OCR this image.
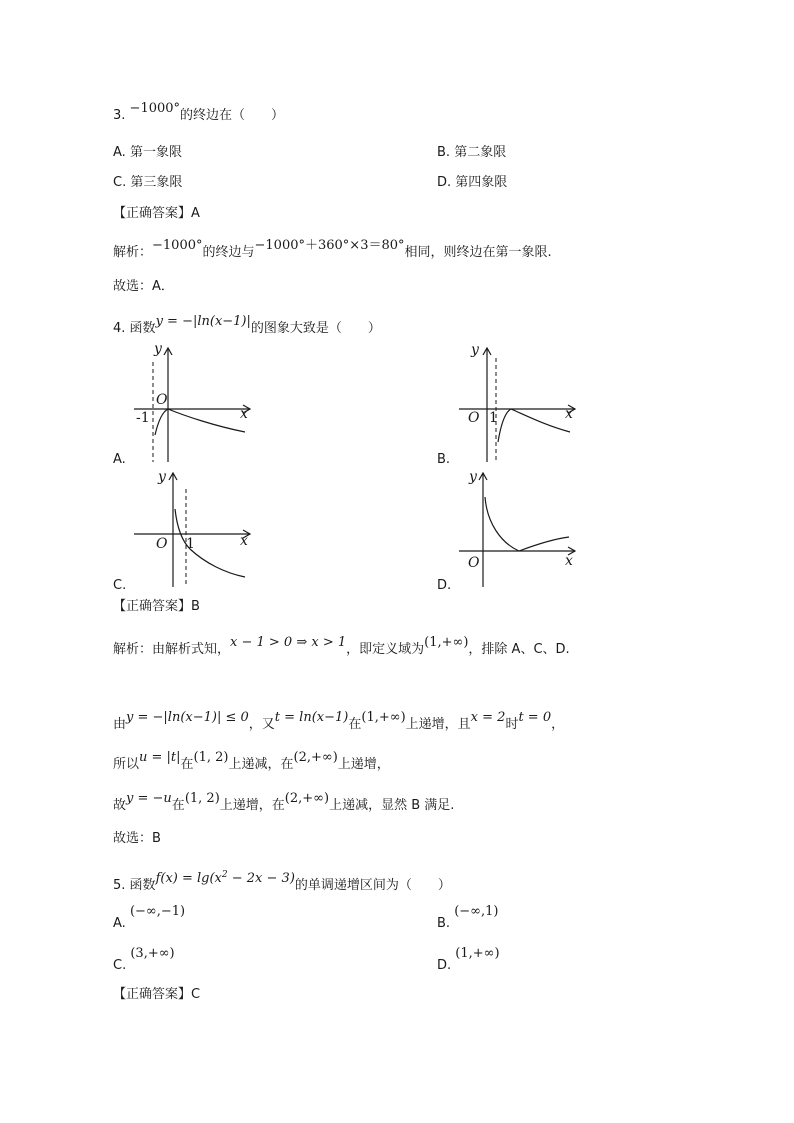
3. −1000°的终边在（　　）
A. 第一象限	B. 第二象限
C. 第三象限	D. 第四象限
【正确答案】A
解析：−1000°的终边与−1000°＋360°×3＝80°相同，则终边在第一象限.
故选：A．
4. 函数y = −|ln(x−1)|的图象大致是（　　）
y
x
O
-1
A.
y
x
O 1
B.
y
x
O 1
C.
y
x
O
D.
【正确答案】B
解析：由解析式知，x − 1 > 0 ⇒ x > 1，即定义域为(1,+∞)，排除 A、C、D.
由y = −|ln(x−1)| ≤ 0，又t = ln(x−1)在(1,+∞)上递增，且x = 2时t = 0，
所以u = |t|在(1, 2)上递减，在(2,+∞)上递增，
故y = −u在(1, 2)上递增，在(2,+∞)上递减，显然 B 满足.
故选：B
5. 函数$f(x) = \lg(x^2 - 2x - 3)$的单调递增区间为（　　）
A. (−∞,−1)
B. (−∞,1)
C. (3,+∞)
D. (1,+∞)
【正确答案】C
